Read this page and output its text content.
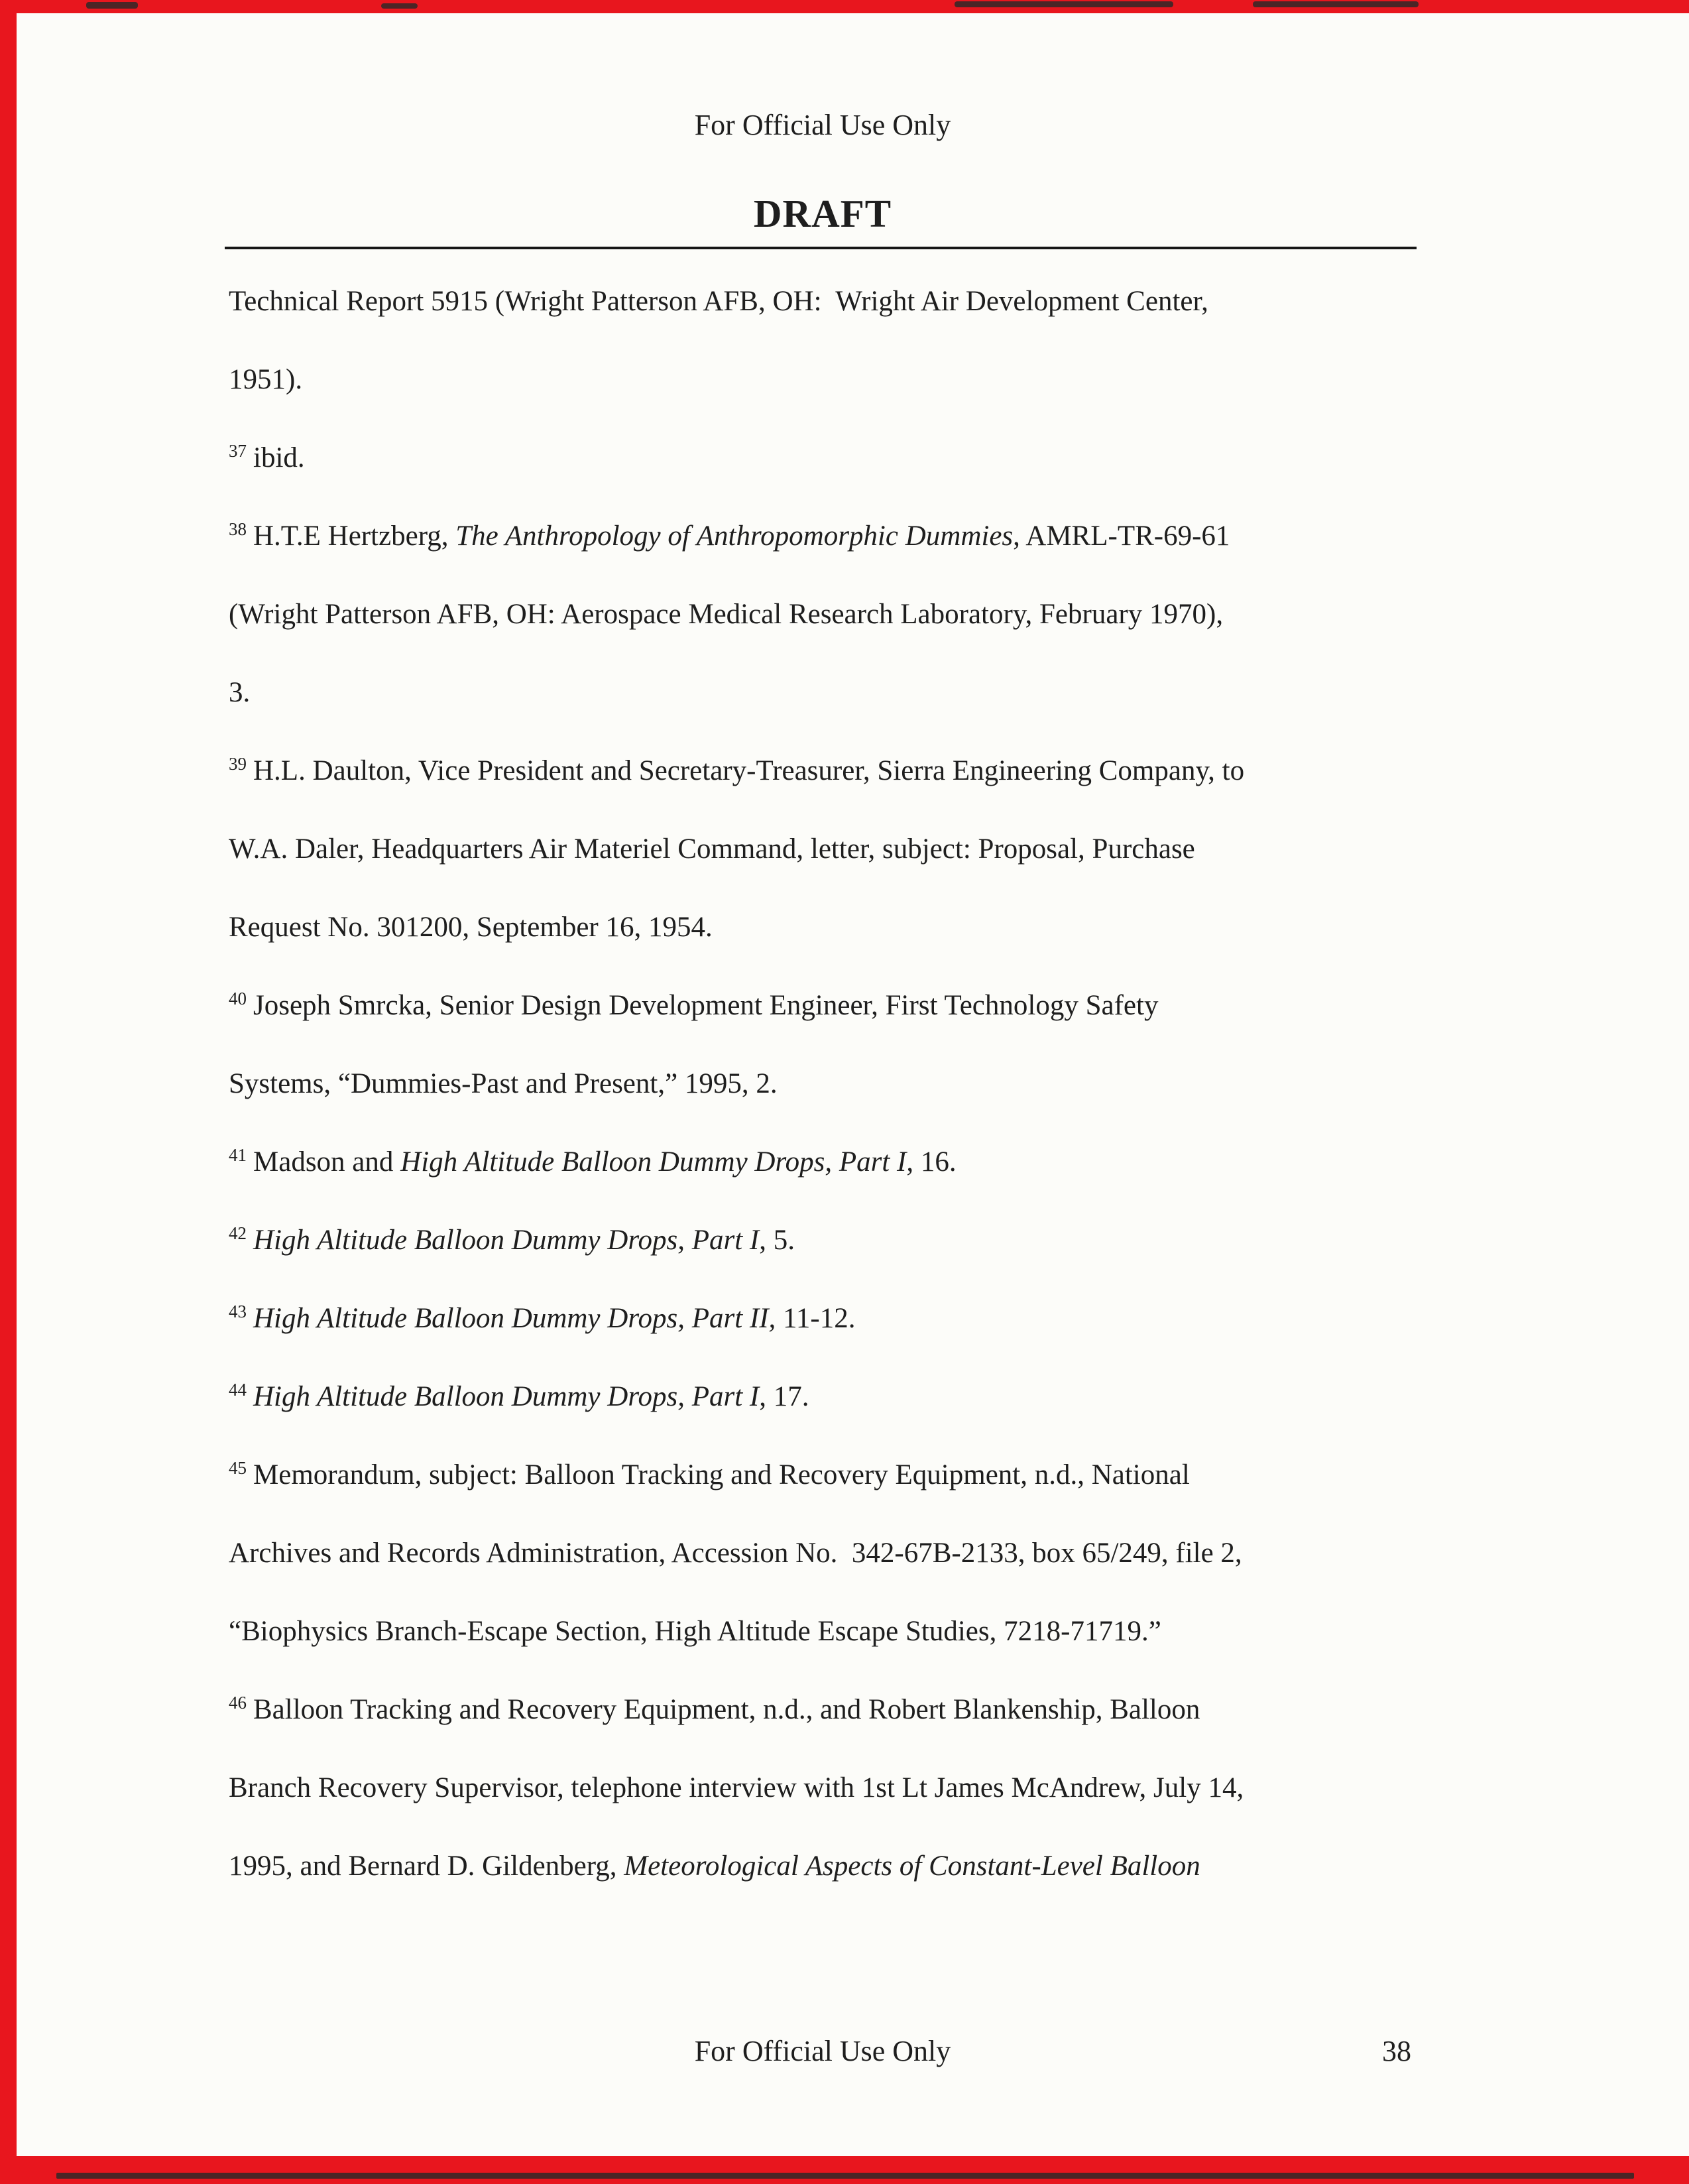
For Official Use Only
DRAFT
Technical Report 5915 (Wright Patterson AFB, OH:  Wright Air Development Center,
1951).
$^{37}$ ibid.
$^{38}$ H.T.E Hertzberg, The Anthropology of Anthropomorphic Dummies, AMRL-TR-69-61
(Wright Patterson AFB, OH: Aerospace Medical Research Laboratory, February 1970),
3.
$^{39}$ H.L. Daulton, Vice President and Secretary-Treasurer, Sierra Engineering Company, to
W.A. Daler, Headquarters Air Materiel Command, letter, subject: Proposal, Purchase
Request No. 301200, September 16, 1954.
$^{40}$ Joseph Smrcka, Senior Design Development Engineer, First Technology Safety
Systems, “Dummies-Past and Present,” 1995, 2.
$^{41}$ Madson and High Altitude Balloon Dummy Drops, Part I, 16.
$^{42}$ High Altitude Balloon Dummy Drops, Part I, 5.
$^{43}$ High Altitude Balloon Dummy Drops, Part II, 11-12.
$^{44}$ High Altitude Balloon Dummy Drops, Part I, 17.
$^{45}$ Memorandum, subject: Balloon Tracking and Recovery Equipment, n.d., National
Archives and Records Administration, Accession No.  342-67B-2133, box 65/249, file 2,
“Biophysics Branch-Escape Section, High Altitude Escape Studies, 7218-71719.”
$^{46}$ Balloon Tracking and Recovery Equipment, n.d., and Robert Blankenship, Balloon
Branch Recovery Supervisor, telephone interview with 1st Lt James McAndrew, July 14,
1995, and Bernard D. Gildenberg, Meteorological Aspects of Constant-Level Balloon
For Official Use Only	38
